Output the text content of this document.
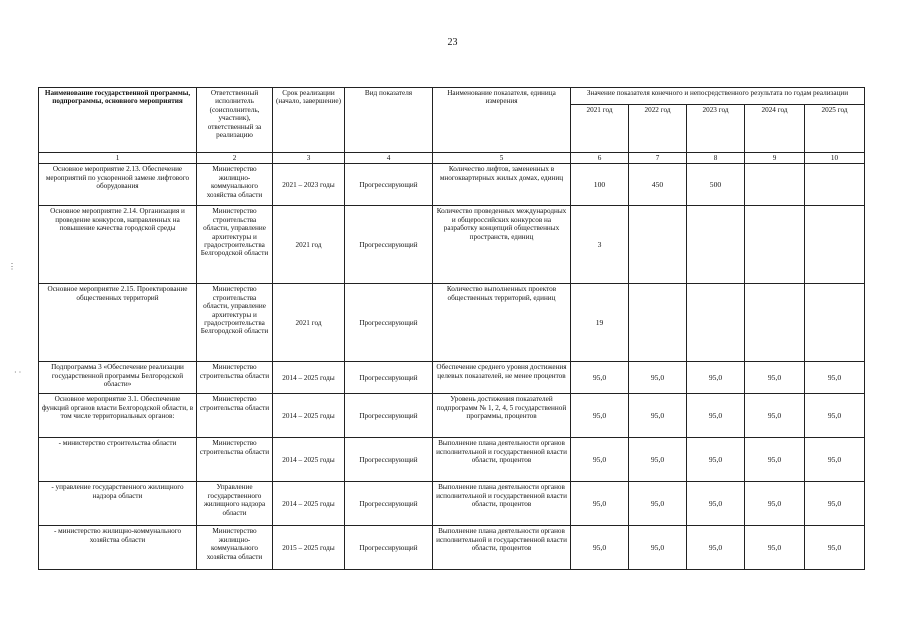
23
Наименование государственной программы, подпрограммы, основного мероприятия	Ответственный исполнитель (соисполнитель, участник), ответственный за реализацию	Срок реализации (начало, завершение)	Вид показателя	Наименование показателя, единица измерения	Значение показателя конечного и непосредственного результата по годам реализации				
					2021 год	2022 год	2023 год	2024 год	2025 год
1	2	3	4	5	6	7	8	9	10
Основное мероприятие 2.13. Обеспечение мероприятий по ускоренной замене лифтового оборудования	Министерство жилищно-коммунального хозяйства области	2021 – 2023 годы	Прогрессирующий	Количество лифтов, замененных в многоквартирных жилых домах, единиц	100	450	500		
Основное мероприятие 2.14. Организация и проведение конкурсов, направленных на повышение качества городской среды	Министерство строительства области, управление архитектуры и градостроительства Белгородской области	2021 год	Прогрессирующий	Количество проведенных международных и общероссийских конкурсов на разработку концепций общественных пространств, единиц	3				
Основное мероприятие 2.15. Проектирование общественных территорий	Министерство строительства области, управление архитектуры и градостроительства Белгородской области	2021 год	Прогрессирующий	Количество выполненных проектов общественных территорий, единиц	19				
Подпрограмма 3 «Обеспечение реализации государственной программы Белгородской области»	Министерство строительства области	2014 – 2025 годы	Прогрессирующий	Обеспечение среднего уровня достижения целевых показателей, не менее процентов	95,0	95,0	95,0	95,0	95,0
Основное мероприятие 3.1. Обеспечение функций органов власти Белгородской области, в том числе территориальных органов:	Министерство строительства области	2014 – 2025 годы	Прогрессирующий	Уровень достижения показателей подпрограмм № 1, 2, 4, 5 государственной программы, процентов	95,0	95,0	95,0	95,0	95,0
- министерство строительства области	Министерство строительства области	2014 – 2025 годы	Прогрессирующий	Выполнение плана деятельности органов исполнительной и государственной власти области, процентов	95,0	95,0	95,0	95,0	95,0
- управление государственного жилищного надзора области	Управление государственного жилищного надзора области	2014 – 2025 годы	Прогрессирующий	Выполнение плана деятельности органов исполнительной и государственной власти области, процентов	95,0	95,0	95,0	95,0	95,0
- министерство жилищно-коммунального хозяйства области	Министерство жилищно-коммунального хозяйства области	2015 – 2025 годы	Прогрессирующий	Выполнение плана деятельности органов исполнительной и государственной власти области, процентов	95,0	95,0	95,0	95,0	95,0
⋮
· ·
